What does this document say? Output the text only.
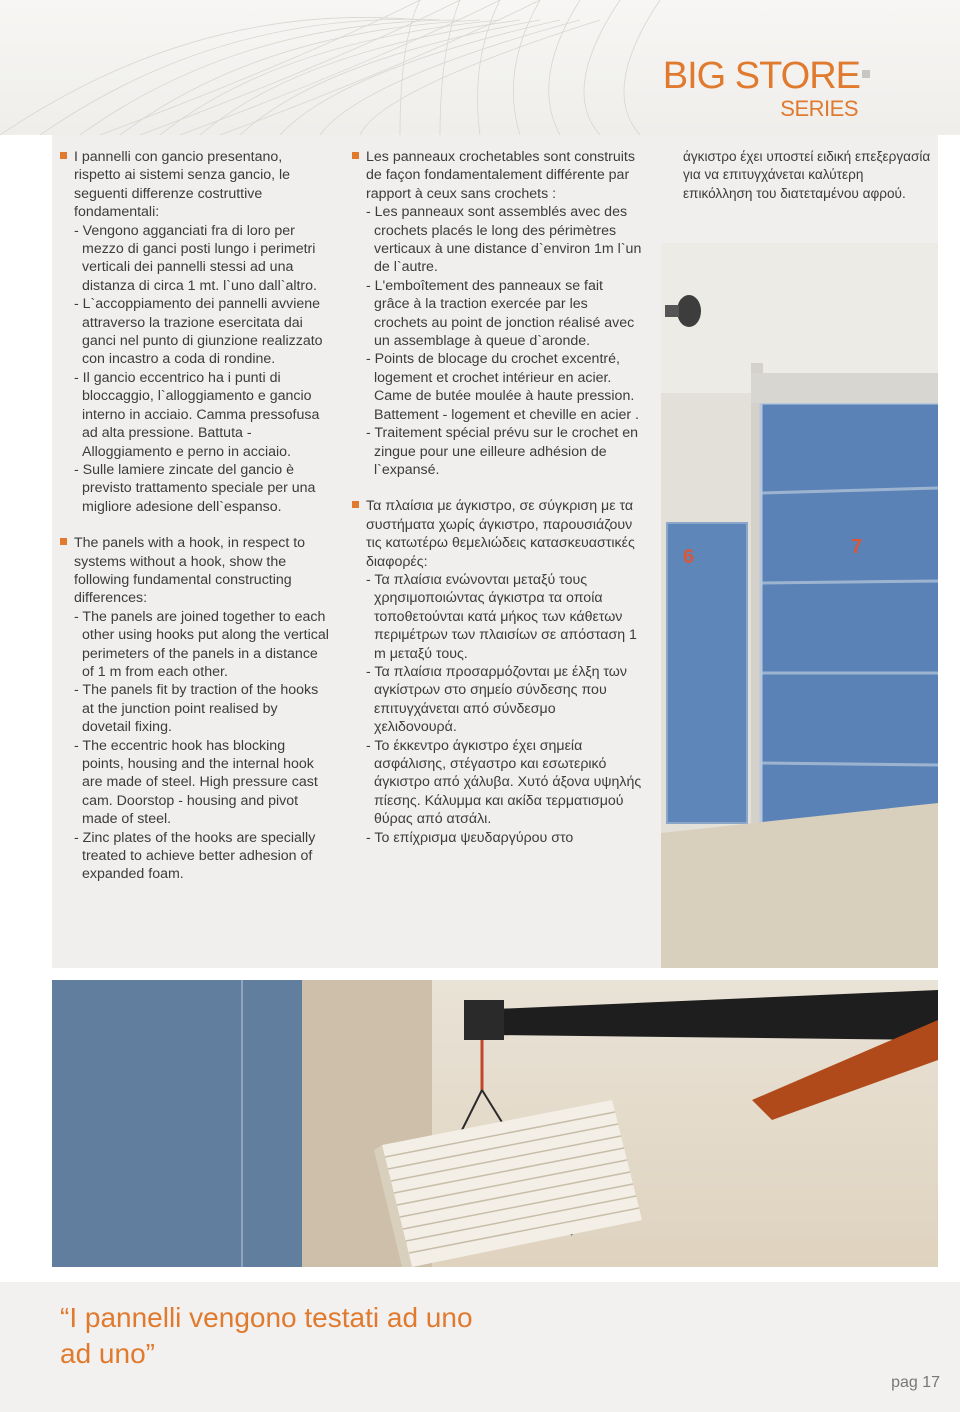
BIG STORE
SERIES
I pannelli con gancio presentano, rispetto ai sistemi senza gancio, le seguenti differenze costruttive fondamentali:
- Vengono agganciati fra di loro per mezzo di ganci posti lungo i perimetri verticali dei pannelli stessi ad una distanza di circa 1 mt. l`uno dall`altro.
- L`accoppiamento dei pannelli avviene attraverso la trazione esercitata dai ganci nel punto di giunzione realizzato con incastro a coda di rondine.
- Il gancio eccentrico ha i punti di bloccaggio, l`alloggiamento e gancio interno in acciaio. Camma pressofusa ad alta pressione. Battuta - Alloggiamento e perno in acciaio.
- Sulle lamiere zincate del gancio è previsto trattamento speciale per una migliore adesione dell`espanso.
The panels with a hook, in respect to systems without a hook, show the following fundamental constructing differences:
- The panels are joined together to each other using hooks put along the vertical perimeters of the panels in a distance of 1 m from each other.
- The panels fit by traction of the hooks at the junction point realised by dovetail fixing.
- The eccentric hook has blocking points, housing and the internal hook are made of steel. High pressure cast cam. Doorstop - housing and pivot made of steel.
- Zinc plates of the hooks are specially treated to achieve better adhesion of expanded foam.
Les panneaux crochetables sont construits de façon fondamentalement différente par rapport à ceux sans crochets :
- Les panneaux sont assemblés avec des crochets placés le long des périmètres verticaux à une distance d`environ 1m l`un de l`autre.
- L'emboîtement des panneaux se fait grâce à la traction exercée par les crochets au point de jonction réalisé avec un assemblage à queue d`aronde.
- Points de blocage du crochet excentré, logement et crochet intérieur en acier. Came de butée moulée à haute pression. Battement - logement et cheville en acier .
- Traitement spécial prévu sur le crochet en zingue pour une eilleure adhésion de l`expansé.
Τα πλαίσια με άγκιστρο, σε σύγκριση με τα συστήματα χωρίς άγκιστρο, παρουσιάζουν τις κατωτέρω θεμελιώδεις κατασκευαστικές διαφορές:
- Τα πλαίσια ενώνονται μεταξύ τους χρησιμοποιώντας άγκιστρα τα οποία τοποθετούνται κατά μήκος των κάθετων περιμέτρων των πλαισίων σε απόσταση 1 m μεταξύ τους.
- Τα πλαίσια προσαρμόζονται με έλξη των αγκίστρων στο σημείο σύνδεσης που επιτυγχάνεται από σύνδεσμο χελιδονουρά.
- Το έκκεντρο άγκιστρο έχει σημεία ασφάλισης, στέγαστρο και εσωτερικό άγκιστρο από χάλυβα. Χυτό άξονα υψηλής πίεσης. Κάλυμμα και ακίδα τερματισμού θύρας από ατσάλι.
- Το επίχρισμα ψευδαργύρου στο
άγκιστρο έχει υποστεί ειδική επεξεργασία για να επιτυγχάνεται καλύτερη επικόλληση του διατεταμένου αφρού.
6	7
“I pannelli vengono testati ad uno ad uno”
pag 17
